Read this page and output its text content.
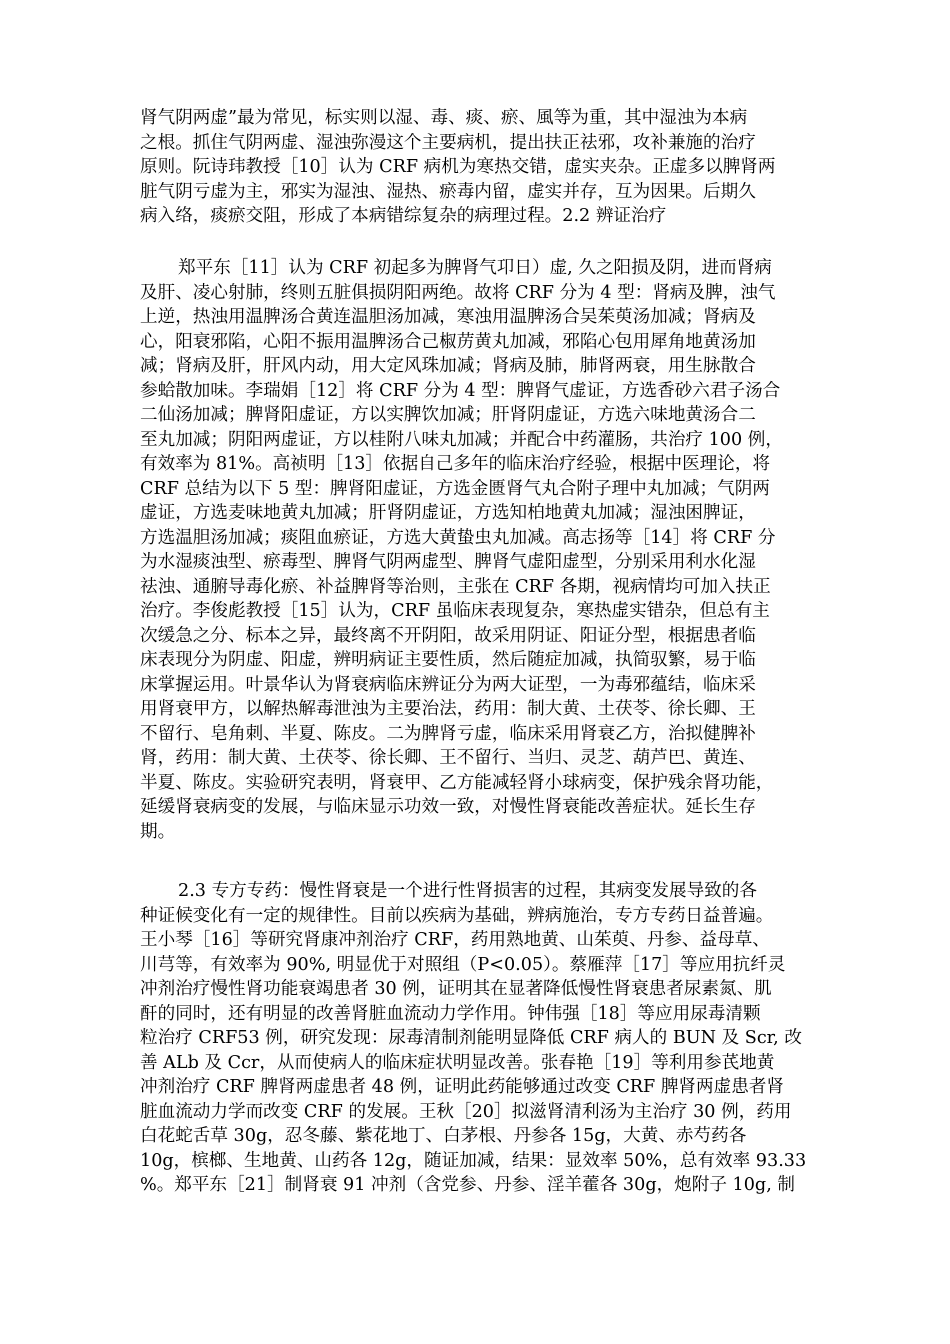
肾气阴两虚”最为常见，标实则以湿、毒、痰、瘀、風等为重，其中湿浊为本病
之根。抓住气阴两虚、湿浊弥漫这个主要病机，提出扶正祛邪，攻补兼施的治疗
原则。阮诗玮教授［10］认为 CRF 病机为寒热交错，虚实夹杂。正虚多以脾肾两
脏气阴亏虚为主，邪实为湿浊、湿热、瘀毒内留，虚实并存，互为因果。后期久
病入络，痰瘀交阻，形成了本病错综复杂的病理过程。2.2 辨证治疗
郑平东［11］认为 CRF 初起多为脾肾气卭日）虚, 久之阳损及阴，进而肾病
及肝、凌心射肺，终则五脏俱损阴阳两绝。故将 CRF 分为 4 型：肾病及脾，浊气
上逆，热浊用温脾汤合黄连温胆汤加减，寒浊用温脾汤合吴茱萸汤加减；肾病及
心，阳衰邪陷，心阳不振用温脾汤合己椒苈黄丸加减，邪陷心包用犀角地黄汤加
减；肾病及肝，肝风内动，用大定风珠加减；肾病及肺，肺肾两衰，用生脉散合
参蛤散加味。李瑞娟［12］将 CRF 分为 4 型：脾肾气虚证，方选香砂六君子汤合
二仙汤加减；脾肾阳虚证，方以实脾饮加减；肝肾阴虚证，方选六味地黄汤合二
至丸加减；阴阳两虚证，方以桂附八味丸加减；并配合中药灌肠，共治疗 100 例，
有效率为 81%。高祯明［13］依据自己多年的临床治疗经验，根据中医理论，将
CRF 总结为以下 5 型：脾肾阳虚证，方选金匮肾气丸合附子理中丸加减；气阴两
虚证，方选麦味地黄丸加减；肝肾阴虚证，方选知柏地黄丸加减；湿浊困脾证，
方选温胆汤加减；痰阻血瘀证，方选大黄蛰虫丸加减。高志扬等［14］将 CRF 分
为水湿痰浊型、瘀毒型、脾肾气阴两虚型、脾肾气虚阳虚型，分别采用利水化湿
祛浊、通腑导毒化瘀、补益脾肾等治则，主张在 CRF 各期，视病情均可加入扶正
治疗。李俊彪教授［15］认为，CRF 虽临床表现复杂，寒热虚实错杂，但总有主
次缓急之分、标本之异，最终离不开阴阳，故采用阴证、阳证分型，根据患者临
床表现分为阴虚、阳虚，辨明病证主要性质，然后随症加减，执简驭繁，易于临
床掌握运用。叶景华认为肾衰病临床辨证分为两大证型，一为毒邪蕴结，临床采
用肾衰甲方，以解热解毒泄浊为主要治法，药用：制大黄、土茯苓、徐长卿、王
不留行、皂角刺、半夏、陈皮。二为脾肾亏虚，临床采用肾衰乙方，治拟健脾补
肾，药用：制大黄、土茯苓、徐长卿、王不留行、当归、灵芝、葫芦巴、黄连、
半夏、陈皮。实验研究表明，肾衰甲、乙方能减轻肾小球病变，保护残余肾功能，
延缓肾衰病变的发展，与临床显示功效一致，对慢性肾衰能改善症状。延长生存
期。
2.3 专方专药：慢性肾衰是一个进行性肾损害的过程，其病变发展导致的各
种证候变化有一定的规律性。目前以疾病为基础，辨病施治，专方专药日益普遍。
王小琴［16］等研究肾康冲剂治疗 CRF，药用熟地黄、山茱萸、丹参、益母草、
川芎等，有效率为 90%, 明显优于对照组（P<0.05）。蔡雁萍［17］等应用抗纤灵
冲剂治疗慢性肾功能衰竭患者 30 例，证明其在显著降低慢性肾衰患者尿素氮、肌
酐的同时，还有明显的改善肾脏血流动力学作用。钟伟强［18］等应用尿毒清颗
粒治疗 CRF53 例，研究发现：尿毒清制剂能明显降低 CRF 病人的 BUN 及 Scr, 改
善 ALb 及 Ccr，从而使病人的临床症状明显改善。张春艳［19］等利用参芪地黄
冲剂治疗 CRF 脾肾两虚患者 48 例，证明此药能够通过改变 CRF 脾肾两虚患者肾
脏血流动力学而改变 CRF 的发展。王秋［20］拟滋肾清利汤为主治疗 30 例，药用
白花蛇舌草 30g，忍冬藤、紫花地丁、白茅根、丹参各 15g，大黄、赤芍药各
10g，槟榔、生地黄、山药各 12g，随证加减，结果：显效率 50%，总有效率 93.33
%。郑平东［21］制肾衰 91 冲剂（含党参、丹参、淫羊藿各 30g，炮附子 10g, 制
